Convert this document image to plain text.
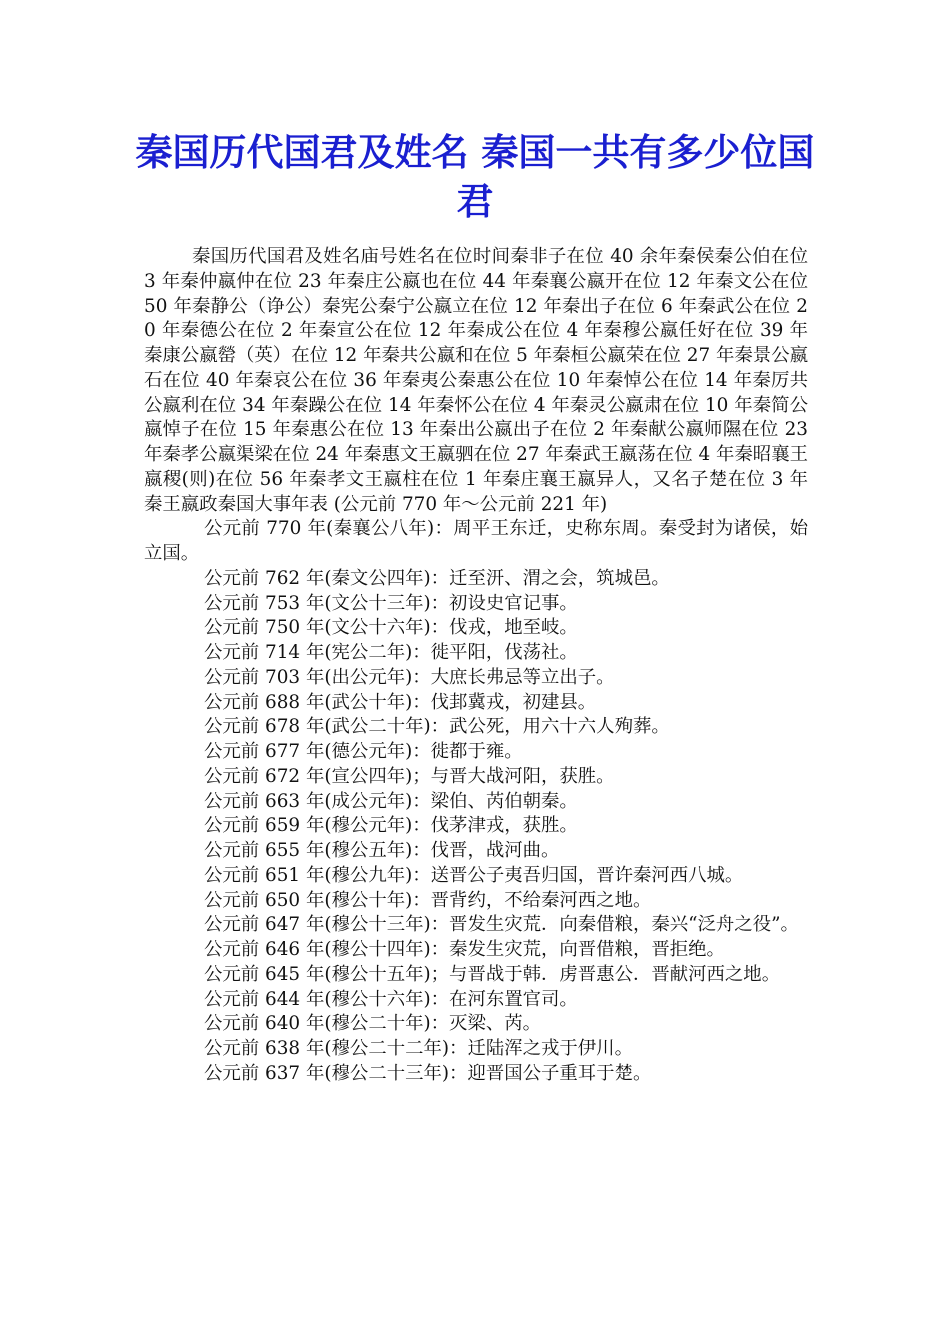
秦国历代国君及姓名 秦国一共有多少位国君

秦国历代国君及姓名庙号姓名在位时间秦非子在位 40 余年秦侯秦公伯在位 3 年秦仲嬴仲在位 23 年秦庄公嬴也在位 44 年秦襄公嬴开在位 12 年秦文公在位 50 年秦静公（诤公）秦宪公秦宁公嬴立在位 12 年秦出子在位 6 年秦武公在位 20 年秦德公在位 2 年秦宣公在位 12 年秦成公在位 4 年秦穆公嬴任好在位 39 年秦康公嬴罃（英）在位 12 年秦共公嬴和在位 5 年秦桓公嬴荣在位 27 年秦景公嬴石在位 40 年秦哀公在位 36 年秦夷公秦惠公在位 10 年秦悼公在位 14 年秦厉共公嬴利在位 34 年秦躁公在位 14 年秦怀公在位 4 年秦灵公嬴肃在位 10 年秦简公嬴悼子在位 15 年秦惠公在位 13 年秦出公嬴出子在位 2 年秦献公嬴师隰在位 23 年秦孝公嬴渠梁在位 24 年秦惠文王嬴驷在位 27 年秦武王嬴荡在位 4 年秦昭襄王嬴稷(则)在位 56 年秦孝文王嬴柱在位 1 年秦庄襄王嬴异人，又名子楚在位 3 年秦王嬴政秦国大事年表 (公元前 770 年～公元前 221 年)

公元前 770 年(秦襄公八年)：周平王东迁，史称东周。秦受封为诸侯，始立国。

公元前 762 年(秦文公四年)：迁至汧、渭之会，筑城邑。

公元前 753 年(文公十三年)：初设史官记事。

公元前 750 年(文公十六年)：伐戎，地至岐。

公元前 714 年(宪公二年)：徙平阳，伐荡社。

公元前 703 年(出公元年)：大庶长弗忌等立出子。

公元前 688 年(武公十年)：伐邽冀戎，初建县。

公元前 678 年(武公二十年)：武公死，用六十六人殉葬。

公元前 677 年(德公元年)：徙都于雍。

公元前 672 年(宣公四年)；与晋大战河阳，获胜。

公元前 663 年(成公元年)：梁伯、芮伯朝秦。

公元前 659 年(穆公元年)：伐茅津戎，获胜。

公元前 655 年(穆公五年)：伐晋，战河曲。

公元前 651 年(穆公九年)：送晋公子夷吾归国，晋许秦河西八城。

公元前 650 年(穆公十年)：晋背约，不给秦河西之地。

公元前 647 年(穆公十三年)：晋发生灾荒．向秦借粮，秦兴“泛舟之役”。

公元前 646 年(穆公十四年)：秦发生灾荒，向晋借粮，晋拒绝。

公元前 645 年(穆公十五年)；与晋战于韩．虏晋惠公．晋献河西之地。

公元前 644 年(穆公十六年)：在河东置官司。

公元前 640 年(穆公二十年)：灭梁、芮。

公元前 638 年(穆公二十二年)：迁陆浑之戎于伊川。

公元前 637 年(穆公二十三年)：迎晋国公子重耳于楚。
